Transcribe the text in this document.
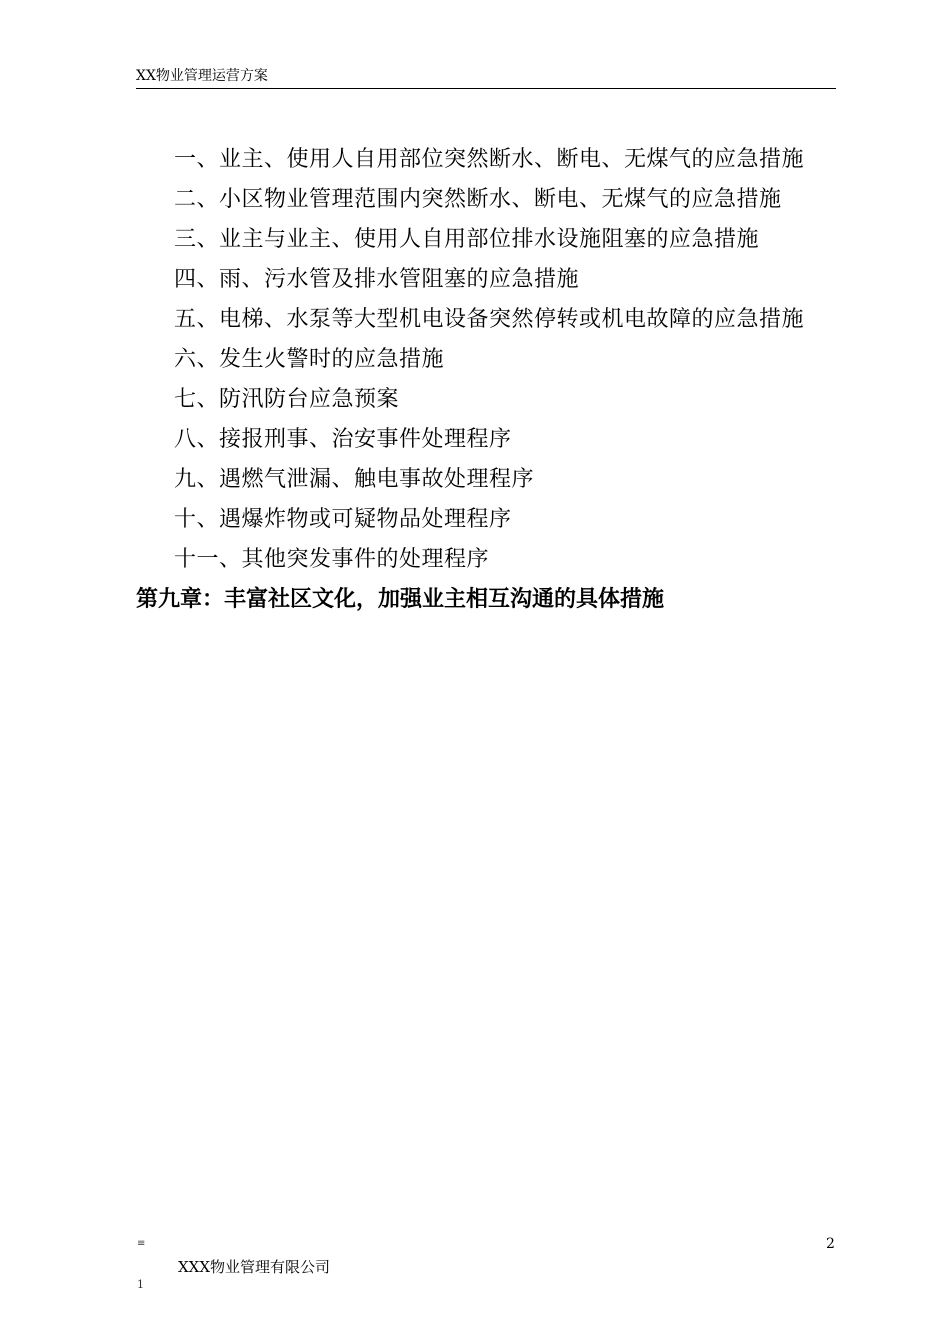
XX物业管理运营方案
一、业主、使用人自用部位突然断水、断电、无煤气的应急措施
二、小区物业管理范围内突然断水、断电、无煤气的应急措施
三、业主与业主、使用人自用部位排水设施阻塞的应急措施
四、雨、污水管及排水管阻塞的应急措施
五、电梯、水泵等大型机电设备突然停转或机电故障的应急措施
六、发生火警时的应急措施
七、防汛防台应急预案
八、接报刑事、治安事件处理程序
九、遇燃气泄漏、触电事故处理程序
十、遇爆炸物或可疑物品处理程序
十一、其他突发事件的处理程序
第九章：丰富社区文化，加强业主相互沟通的具体措施
≡	2
XXX物业管理有限公司
1
